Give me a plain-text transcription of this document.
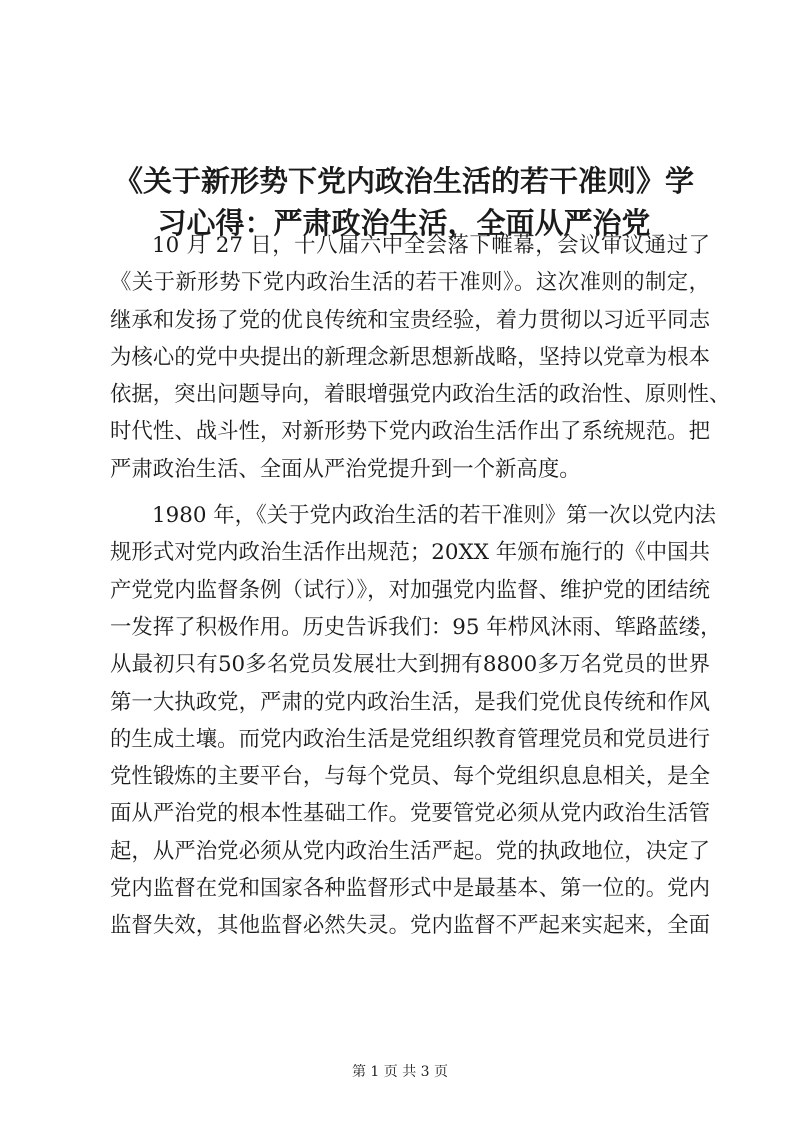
《关于新形势下党内政治生活的若干准则》学
习心得：严肃政治生活，全面从严治党
10 月 27 日，十八届六中全会落下帷幕，会议审议通过了
《关于新形势下党内政治生活的若干准则》。这次准则的制定，
继承和发扬了党的优良传统和宝贵经验，着力贯彻以习近平同志
为核心的党中央提出的新理念新思想新战略，坚持以党章为根本
依据，突出问题导向，着眼增强党内政治生活的政治性、原则性、
时代性、战斗性，对新形势下党内政治生活作出了系统规范。把
严肃政治生活、全面从严治党提升到一个新高度。
1980 年，《关于党内政治生活的若干准则》第一次以党内法
规形式对党内政治生活作出规范；20XX 年颁布施行的《中国共
产党党内监督条例（试行）》，对加强党内监督、维护党的团结统
一发挥了积极作用。历史告诉我们：95 年栉风沐雨、筚路蓝缕，
从最初只有50多名党员发展壮大到拥有8800多万名党员的世界
第一大执政党，严肃的党内政治生活，是我们党优良传统和作风
的生成土壤。而党内政治生活是党组织教育管理党员和党员进行
党性锻炼的主要平台，与每个党员、每个党组织息息相关，是全
面从严治党的根本性基础工作。党要管党必须从党内政治生活管
起，从严治党必须从党内政治生活严起。党的执政地位，决定了
党内监督在党和国家各种监督形式中是最基本、第一位的。党内
监督失效，其他监督必然失灵。党内监督不严起来实起来，全面
第 1 页 共 3 页
